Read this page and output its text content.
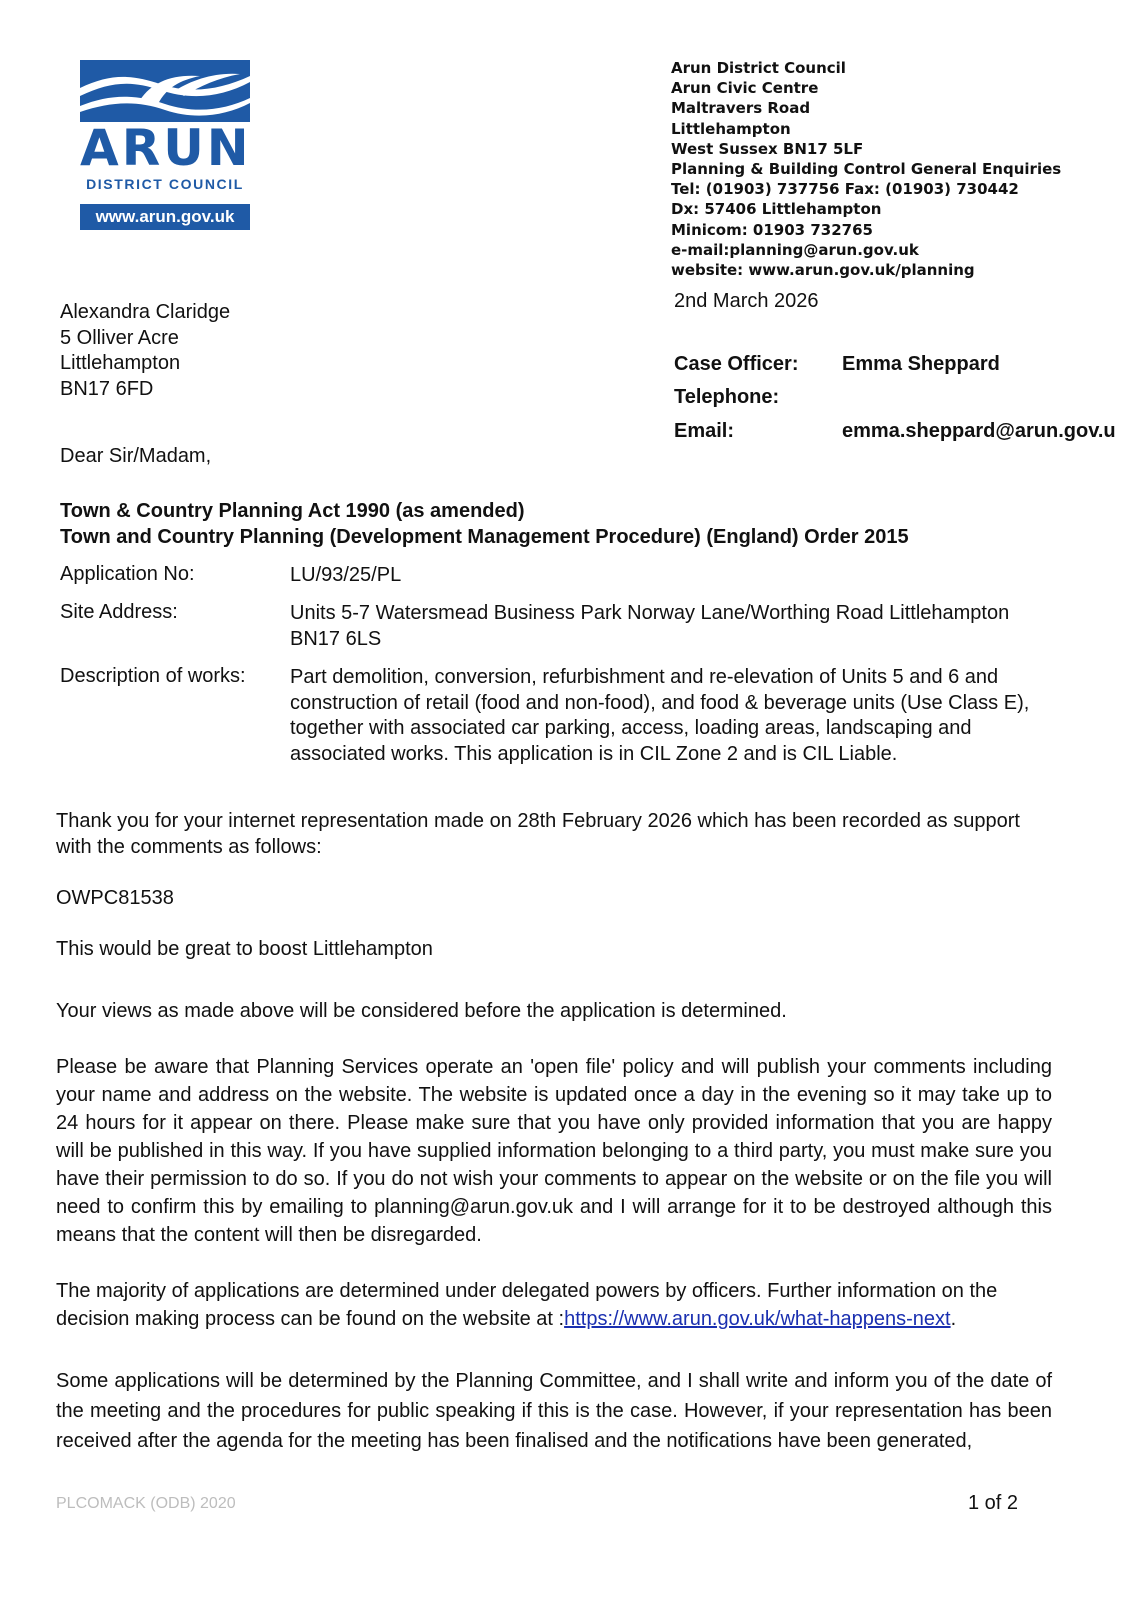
ARUN
DISTRICT COUNCIL
www.arun.gov.uk
Arun District Council
Arun Civic Centre
Maltravers Road
Littlehampton
West Sussex BN17 5LF
Planning & Building Control General Enquiries
Tel: (01903) 737756 Fax: (01903) 730442
Dx: 57406 Littlehampton
Minicom: 01903 732765
e-mail:planning@arun.gov.uk
website: www.arun.gov.uk/planning
2nd March 2026
Alexandra Claridge
5 Olliver Acre
Littlehampton
BN17 6FD
Case Officer: Emma Sheppard
Telephone:
Email:	emma.sheppard@arun.gov.u
Dear Sir/Madam,
Town & Country Planning Act 1990 (as amended)
Town and Country Planning (Development Management Procedure) (England) Order 2015
Application No:	LU/93/25/PL
Site Address:	Units 5-7 Watersmead Business Park Norway Lane/Worthing Road Littlehampton BN17 6LS
Description of works: Part demolition, conversion, refurbishment and re-elevation of Units 5 and 6 and construction of retail (food and non-food), and food & beverage units (Use Class E), together with associated car parking, access, loading areas, landscaping and associated works. This application is in CIL Zone 2 and is CIL Liable.
Thank you for your internet representation made on 28th February 2026 which has been recorded as support with the comments as follows:
OWPC81538
This would be great to boost Littlehampton
Your views as made above will be considered before the application is determined.
Please be aware that Planning Services operate an 'open file' policy and will publish your comments including your name and address on the website. The website is updated once a day in the evening so it may take up to 24 hours for it appear on there. Please make sure that you have only provided information that you are happy will be published in this way. If you have supplied information belonging to a third party, you must make sure you have their permission to do so. If you do not wish your comments to appear on the website or on the file you will need to confirm this by emailing to planning@arun.gov.uk and I will arrange for it to be destroyed although this means that the content will then be disregarded.
The majority of applications are determined under delegated powers by officers. Further information on the decision making process can be found on the website at :https://www.arun.gov.uk/what-happens-next.
Some applications will be determined by the Planning Committee, and I shall write and inform you of the date of the meeting and the procedures for public speaking if this is the case. However, if your representation has been received after the agenda for the meeting has been finalised and the notifications have been generated,
PLCOMACK (ODB) 2020	1 of 2
